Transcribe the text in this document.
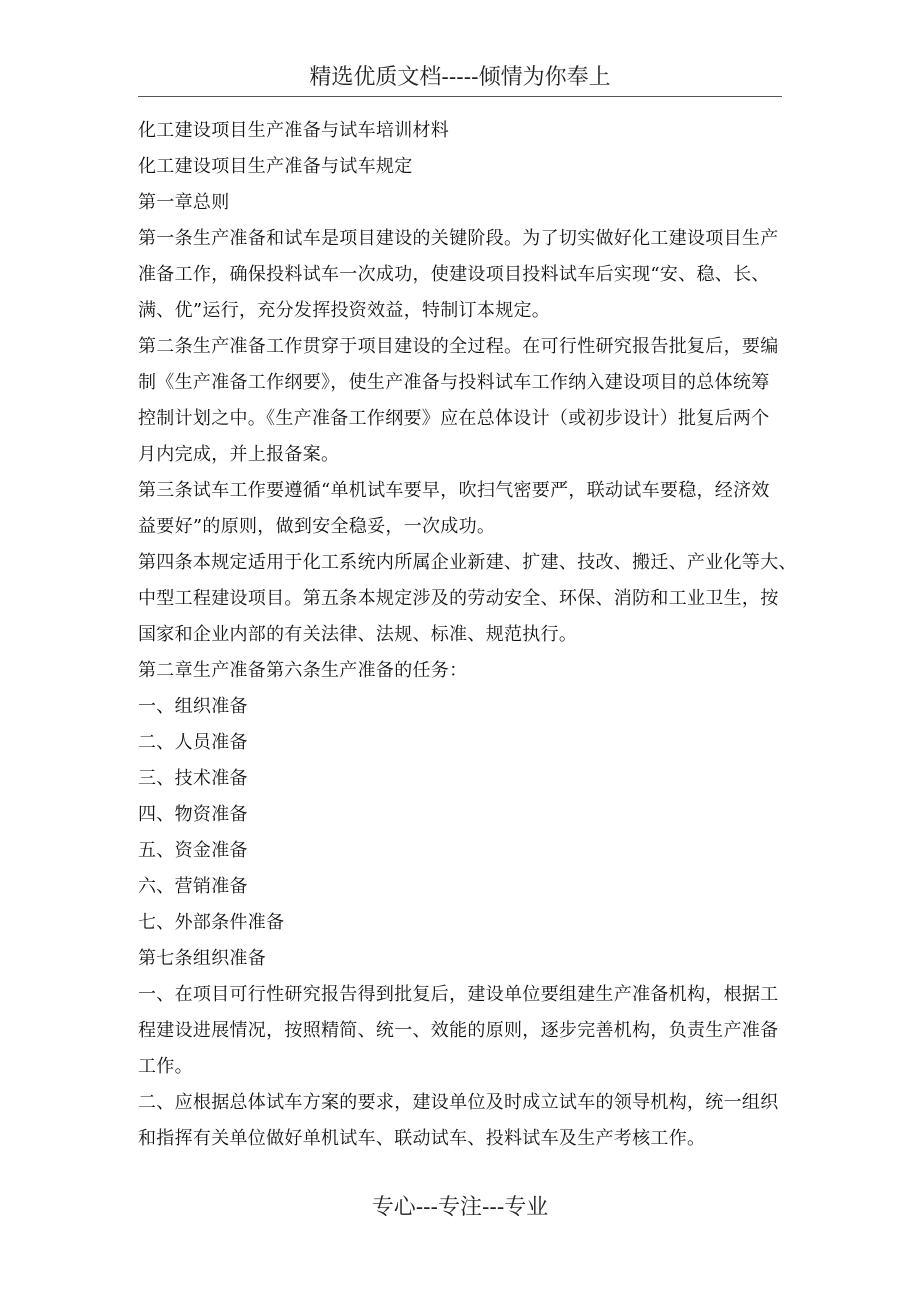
精选优质文档-----倾情为你奉上
化工建设项目生产准备与试车培训材料
化工建设项目生产准备与试车规定
第一章总则
第一条生产准备和试车是项目建设的关键阶段。为了切实做好化工建设项目生产
准备工作，确保投料试车一次成功，使建设项目投料试车后实现“安、稳、长、
满、优”运行，充分发挥投资效益，特制订本规定。
第二条生产准备工作贯穿于项目建设的全过程。在可行性研究报告批复后，要编
制《生产准备工作纲要》，使生产准备与投料试车工作纳入建设项目的总体统筹
控制计划之中。《生产准备工作纲要》应在总体设计（或初步设计）批复后两个
月内完成，并上报备案。
第三条试车工作要遵循“单机试车要早，吹扫气密要严，联动试车要稳，经济效
益要好”的原则，做到安全稳妥，一次成功。
第四条本规定适用于化工系统内所属企业新建、扩建、技改、搬迁、产业化等大、
中型工程建设项目。第五条本规定涉及的劳动安全、环保、消防和工业卫生，按
国家和企业内部的有关法律、法规、标准、规范执行。
第二章生产准备第六条生产准备的任务：
一、组织准备
二、人员准备
三、技术准备
四、物资准备
五、资金准备
六、营销准备
七、外部条件准备
第七条组织准备
一、在项目可行性研究报告得到批复后，建设单位要组建生产准备机构，根据工
程建设进展情况，按照精简、统一、效能的原则，逐步完善机构，负责生产准备
工作。
二、应根据总体试车方案的要求，建设单位及时成立试车的领导机构，统一组织
和指挥有关单位做好单机试车、联动试车、投料试车及生产考核工作。
专心---专注---专业
